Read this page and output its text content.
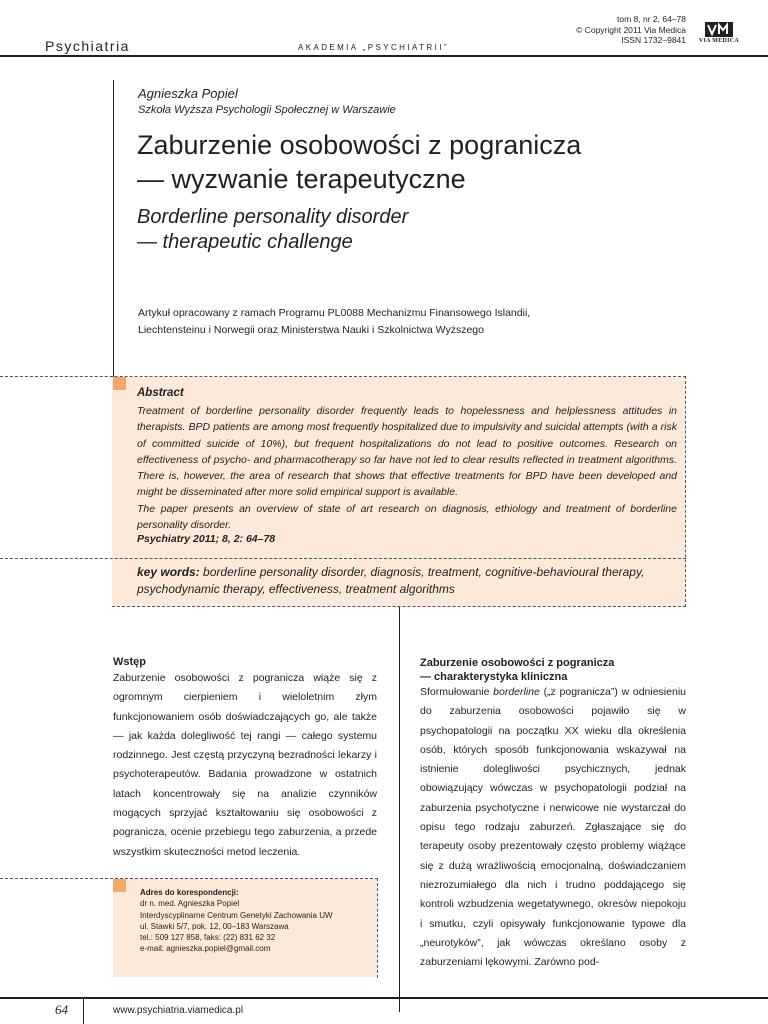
Psychiatria	AKADEMIA „PSYCHIATRII”
tom 8, nr 2, 64–78
© Copyright 2011 Via Medica
ISSN 1732–9841	VIA MEDICA
Agnieszka Popiel
Szkoła Wyższa Psychologii Społecznej w Warszawie
Zaburzenie osobowości z pogranicza
— wyzwanie terapeutyczne
Borderline personality disorder
— therapeutic challenge
Artykuł opracowany z ramach Programu PL0088 Mechanizmu Finansowego Islandii,
Liechtensteinu i Norwegii oraz Ministerstwa Nauki i Szkolnictwa Wyższego
Abstract

Treatment of borderline personality disorder frequently leads to hopelessness and helplessness attitudes in therapists. BPD patients are among most frequently hospitalized due to impulsivity and suicidal attempts (with a risk of committed suicide of 10%), but frequent hospitalizations do not lead to positive outcomes. Research on effectiveness of psycho- and pharmacotherapy so far have not led to clear results reflected in treatment algorithms. There is, however, the area of research that shows that effective treatments for BPD have been developed and might be disseminated after more solid empirical support is available.

The paper presents an overview of state of art research on diagnosis, ethiology and treatment of borderline personality disorder.

Psychiatry 2011; 8, 2: 64–78
key words: borderline personality disorder, diagnosis, treatment, cognitive-behavioural therapy, psychodynamic therapy, effectiveness, treatment algorithms
Wstęp
Zaburzenie osobowości z pogranicza wiąże się z ogromnym cierpieniem i wieloletnim złym funkcjonowaniem osób doświadczających go, ale także — jak każda dolegliwość tej rangi — całego systemu rodzinnego. Jest częstą przyczyną bezradności lekarzy i psychoterapeutów. Badania prowadzone w ostatnich latach koncentrowały się na analizie czynników mogących sprzyjać kształtowaniu się osobowości z pogranicza, ocenie przebiegu tego zaburzenia, a przede wszystkim skuteczności metod leczenia.
Zaburzenie osobowości z pogranicza
— charakterystyka kliniczna
Sformułowanie borderline („z pogranicza”) w odniesieniu do zaburzenia osobowości pojawiło się w psychopatologii na początku XX wieku dla określenia osób, których sposób funkcjonowania wskazywał na istnienie dolegliwości psychicznych, jednak obowiązujący wówczas w psychopatologii podział na zaburzenia psychotyczne i nerwicowe nie wystarczał do opisu tego rodzaju zaburzeń. Zgłaszające się do terapeuty osoby prezentowały często problemy wiążące się z dużą wrażliwością emocjonalną, doświadczaniem niezrozumiałego dla nich i trudno poddającego się kontroli wzbudzenia wegetatywnego, okresów niepokoju i smutku, czyli opisywały funkcjonowanie typowe dla „neurotyków”, jak wówczas określano osoby z zaburzeniami lękowymi. Zarówno pod-
Adres do korespondencji:
dr n. med. Agnieszka Popiel
Interdyscyplinarne Centrum Genetyki Zachowania UW
ul. Stawki 5/7, pok. 12, 00–183 Warszawa
tel.: 509 127 858, faks: (22) 831 62 32
e-mail: agnieszka.popiel@gmail.com
64	www.psychiatria.viamedica.pl
